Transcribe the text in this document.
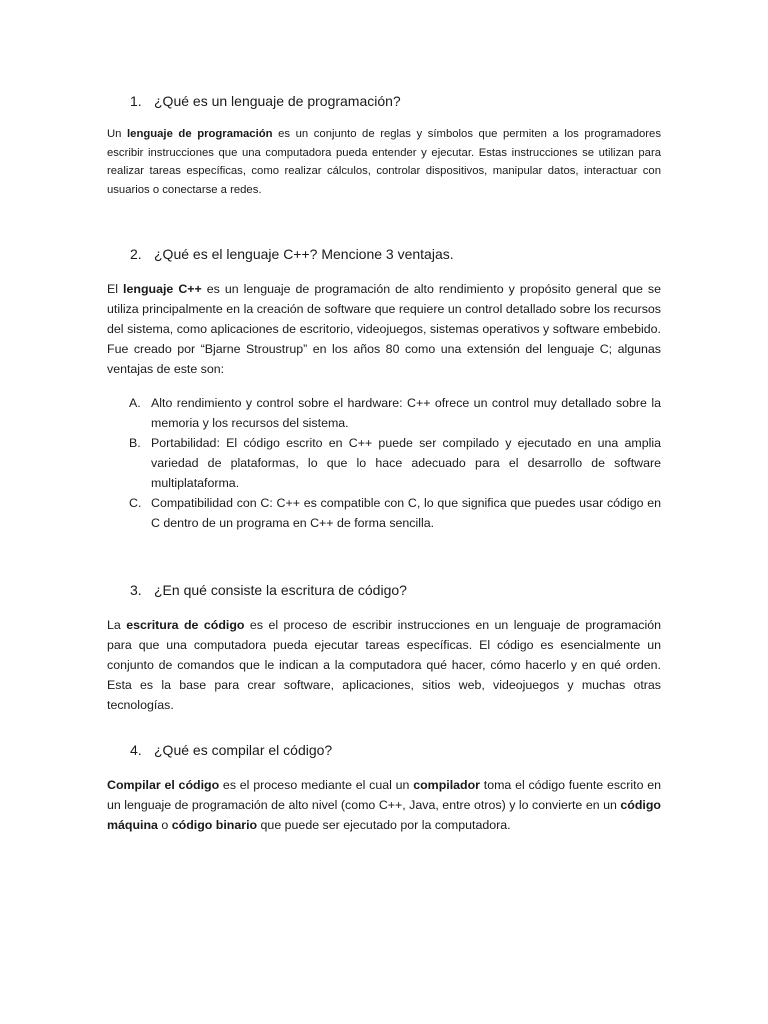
1. ¿Qué es un lenguaje de programación?
Un lenguaje de programación es un conjunto de reglas y símbolos que permiten a los programadores escribir instrucciones que una computadora pueda entender y ejecutar. Estas instrucciones se utilizan para realizar tareas específicas, como realizar cálculos, controlar dispositivos, manipular datos, interactuar con usuarios o conectarse a redes.
2. ¿Qué es el lenguaje C++? Mencione 3 ventajas.
El lenguaje C++ es un lenguaje de programación de alto rendimiento y propósito general que se utiliza principalmente en la creación de software que requiere un control detallado sobre los recursos del sistema, como aplicaciones de escritorio, videojuegos, sistemas operativos y software embebido. Fue creado por “Bjarne Stroustrup” en los años 80 como una extensión del lenguaje C; algunas ventajas de este son:
A. Alto rendimiento y control sobre el hardware: C++ ofrece un control muy detallado sobre la memoria y los recursos del sistema.
B. Portabilidad: El código escrito en C++ puede ser compilado y ejecutado en una amplia variedad de plataformas, lo que lo hace adecuado para el desarrollo de software multiplataforma.
C. Compatibilidad con C: C++ es compatible con C, lo que significa que puedes usar código en C dentro de un programa en C++ de forma sencilla.
3. ¿En qué consiste la escritura de código?
La escritura de código es el proceso de escribir instrucciones en un lenguaje de programación para que una computadora pueda ejecutar tareas específicas. El código es esencialmente un conjunto de comandos que le indican a la computadora qué hacer, cómo hacerlo y en qué orden. Esta es la base para crear software, aplicaciones, sitios web, videojuegos y muchas otras tecnologías.
4. ¿Qué es compilar el código?
Compilar el código es el proceso mediante el cual un compilador toma el código fuente escrito en un lenguaje de programación de alto nivel (como C++, Java, entre otros) y lo convierte en un código máquina o código binario que puede ser ejecutado por la computadora.
